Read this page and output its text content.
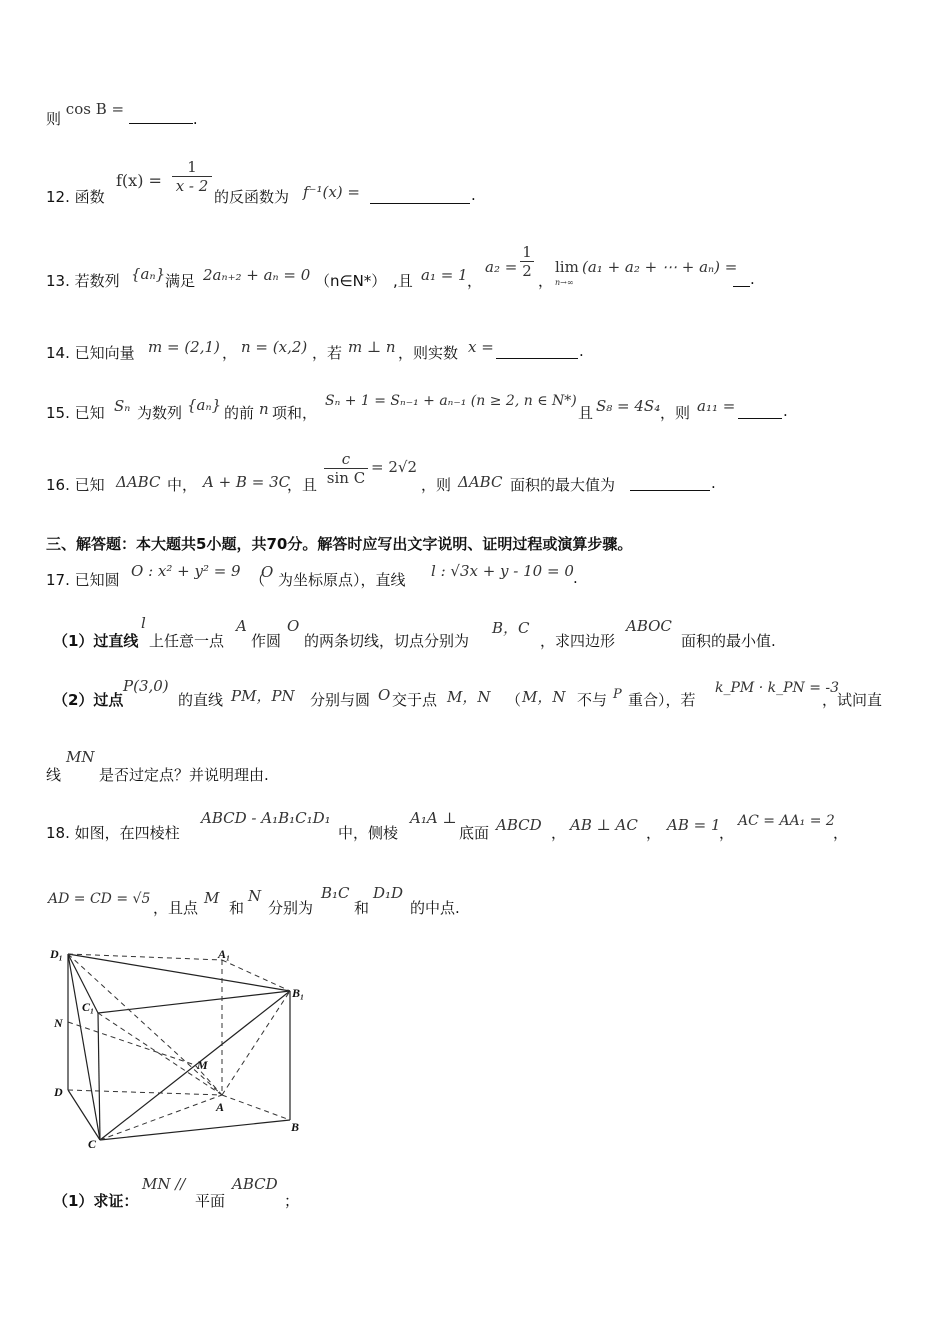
则 cos B = .
12. 函数
f(x) =
1
x - 2
的反函数为 f⁻¹(x) =	.
13. 若数列 {aₙ} 满足 2aₙ₊₂ + aₙ = 0 （n∈N*） ,且 a₁ = 1 ，
a₂ =
1
2
，
lim
n→∞
(a₁ + a₂ + ⋯ + aₙ) =
.
14. 已知向量 m = (2,1) ， n = (x,2) ，若 m ⊥ n ，则实数 x =	.
15. 已知 Sₙ 为数列 {aₙ} 的前 n 项和，
Sₙ + 1 = Sₙ₋₁ + aₙ₋₁ (n ≥ 2, n ∈ N*)
且 S₈ = 4S₄ ，则 a₁₁ =	.
16. 已知 ΔABC 中， A + B = 3C
，且
c
sin C
= 2√2
，则 ΔABC 面积的最大值为	.
三、解答题：本大题共5小题，共70分。解答时应写出文字说明、证明过程或演算步骤。
17. 已知圆 O : x² + y² = 9 （
O 为坐标原点），直线 l : √3x + y - 10 = 0 .
（1）过直线
l
上任意一点
A
作圆
O
的两条切线，切点分别为
B，C
，求四边形
ABOC
面积的最小值.
（2）过点
P(3,0)
的直线 PM，PN 分别与圆 O 交于点 M，N （ M，N 不与 P 重合），若
k_PM · k_PN = -3
，试问直
线
MN
是否过定点？并说明理由.
18. 如图，在四棱柱
ABCD - A₁B₁C₁D₁
中，侧棱
A₁A ⊥
底面 ABCD ， AB ⊥ AC ， AB = 1
，
AC = AA₁ = 2
，
AD = CD = √5 ，且点
M
和
N
分别为
B₁C
和
D₁D
的中点.
D₁	A₁
B₁
C₁
N
M
D
A
B
C
（1）求证：
MN //
平面
ABCD
；
